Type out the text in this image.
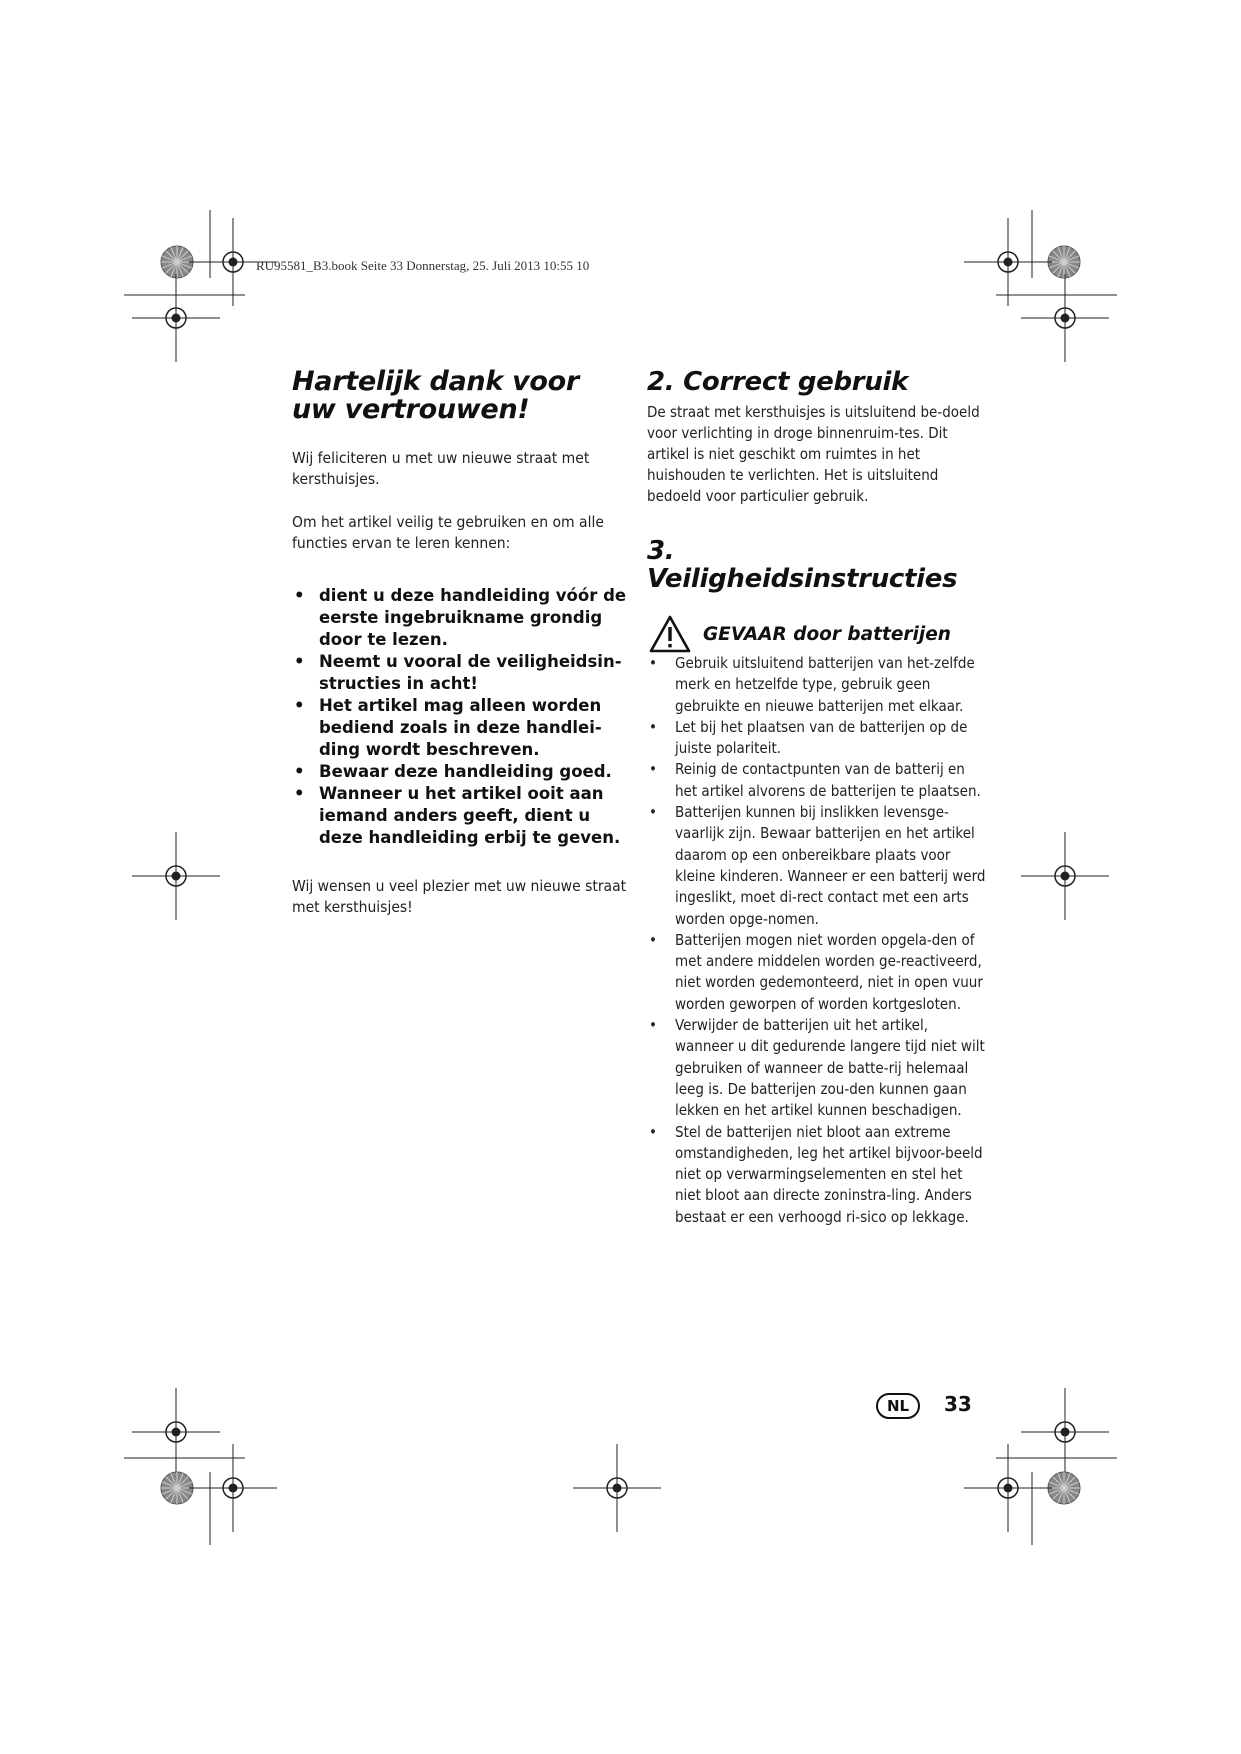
RU95581_B3.book Seite 33 Donnerstag, 25. Juli 2013 10:55 10
Hartelijk dank voor uw vertrouwen!

Wij feliciteren u met uw nieuwe straat met kersthuisjes.

Om het artikel veilig te gebruiken en om alle functies ervan te leren kennen:

• dient u deze handleiding vóór de eerste ingebruikname grondig door te lezen.
• Neemt u vooral de veiligheidsin-structies in acht!
• Het artikel mag alleen worden bediend zoals in deze handlei-ding wordt beschreven.
• Bewaar deze handleiding goed.
• Wanneer u het artikel ooit aan iemand anders geeft, dient u deze handleiding erbij te geven.

Wij wensen u veel plezier met uw nieuwe straat met kersthuisjes!

2. Correct gebruik

De straat met kersthuisjes is uitsluitend be-doeld voor verlichting in droge binnenruim-tes. Dit artikel is niet geschikt om ruimtes in het huishouden te verlichten. Het is uitsluitend bedoeld voor particulier gebruik.

3. Veiligheidsinstructies
GEVAAR door batterijen
• Gebruik uitsluitend batterijen van het-zelfde merk en hetzelfde type, gebruik geen gebruikte en nieuwe batterijen met elkaar.
• Let bij het plaatsen van de batterijen op de juiste polariteit.
• Reinig de contactpunten van de batterij en het artikel alvorens de batterijen te plaatsen.
• Batterijen kunnen bij inslikken levensge-vaarlijk zijn. Bewaar batterijen en het artikel daarom op een onbereikbare plaats voor kleine kinderen. Wanneer er een batterij werd ingeslikt, moet di-rect contact met een arts worden opge-nomen.
• Batterijen mogen niet worden opgela-den of met andere middelen worden ge-reactiveerd, niet worden gedemonteerd, niet in open vuur worden geworpen of worden kortgesloten.
• Verwijder de batterijen uit het artikel, wanneer u dit gedurende langere tijd niet wilt gebruiken of wanneer de batte-rij helemaal leeg is. De batterijen zou-den kunnen gaan lekken en het artikel kunnen beschadigen.
• Stel de batterijen niet bloot aan extreme omstandigheden, leg het artikel bijvoor-beeld niet op verwarmingselementen en stel het niet bloot aan directe zoninstra-ling. Anders bestaat er een verhoogd ri-sico op lekkage.
NL	33
